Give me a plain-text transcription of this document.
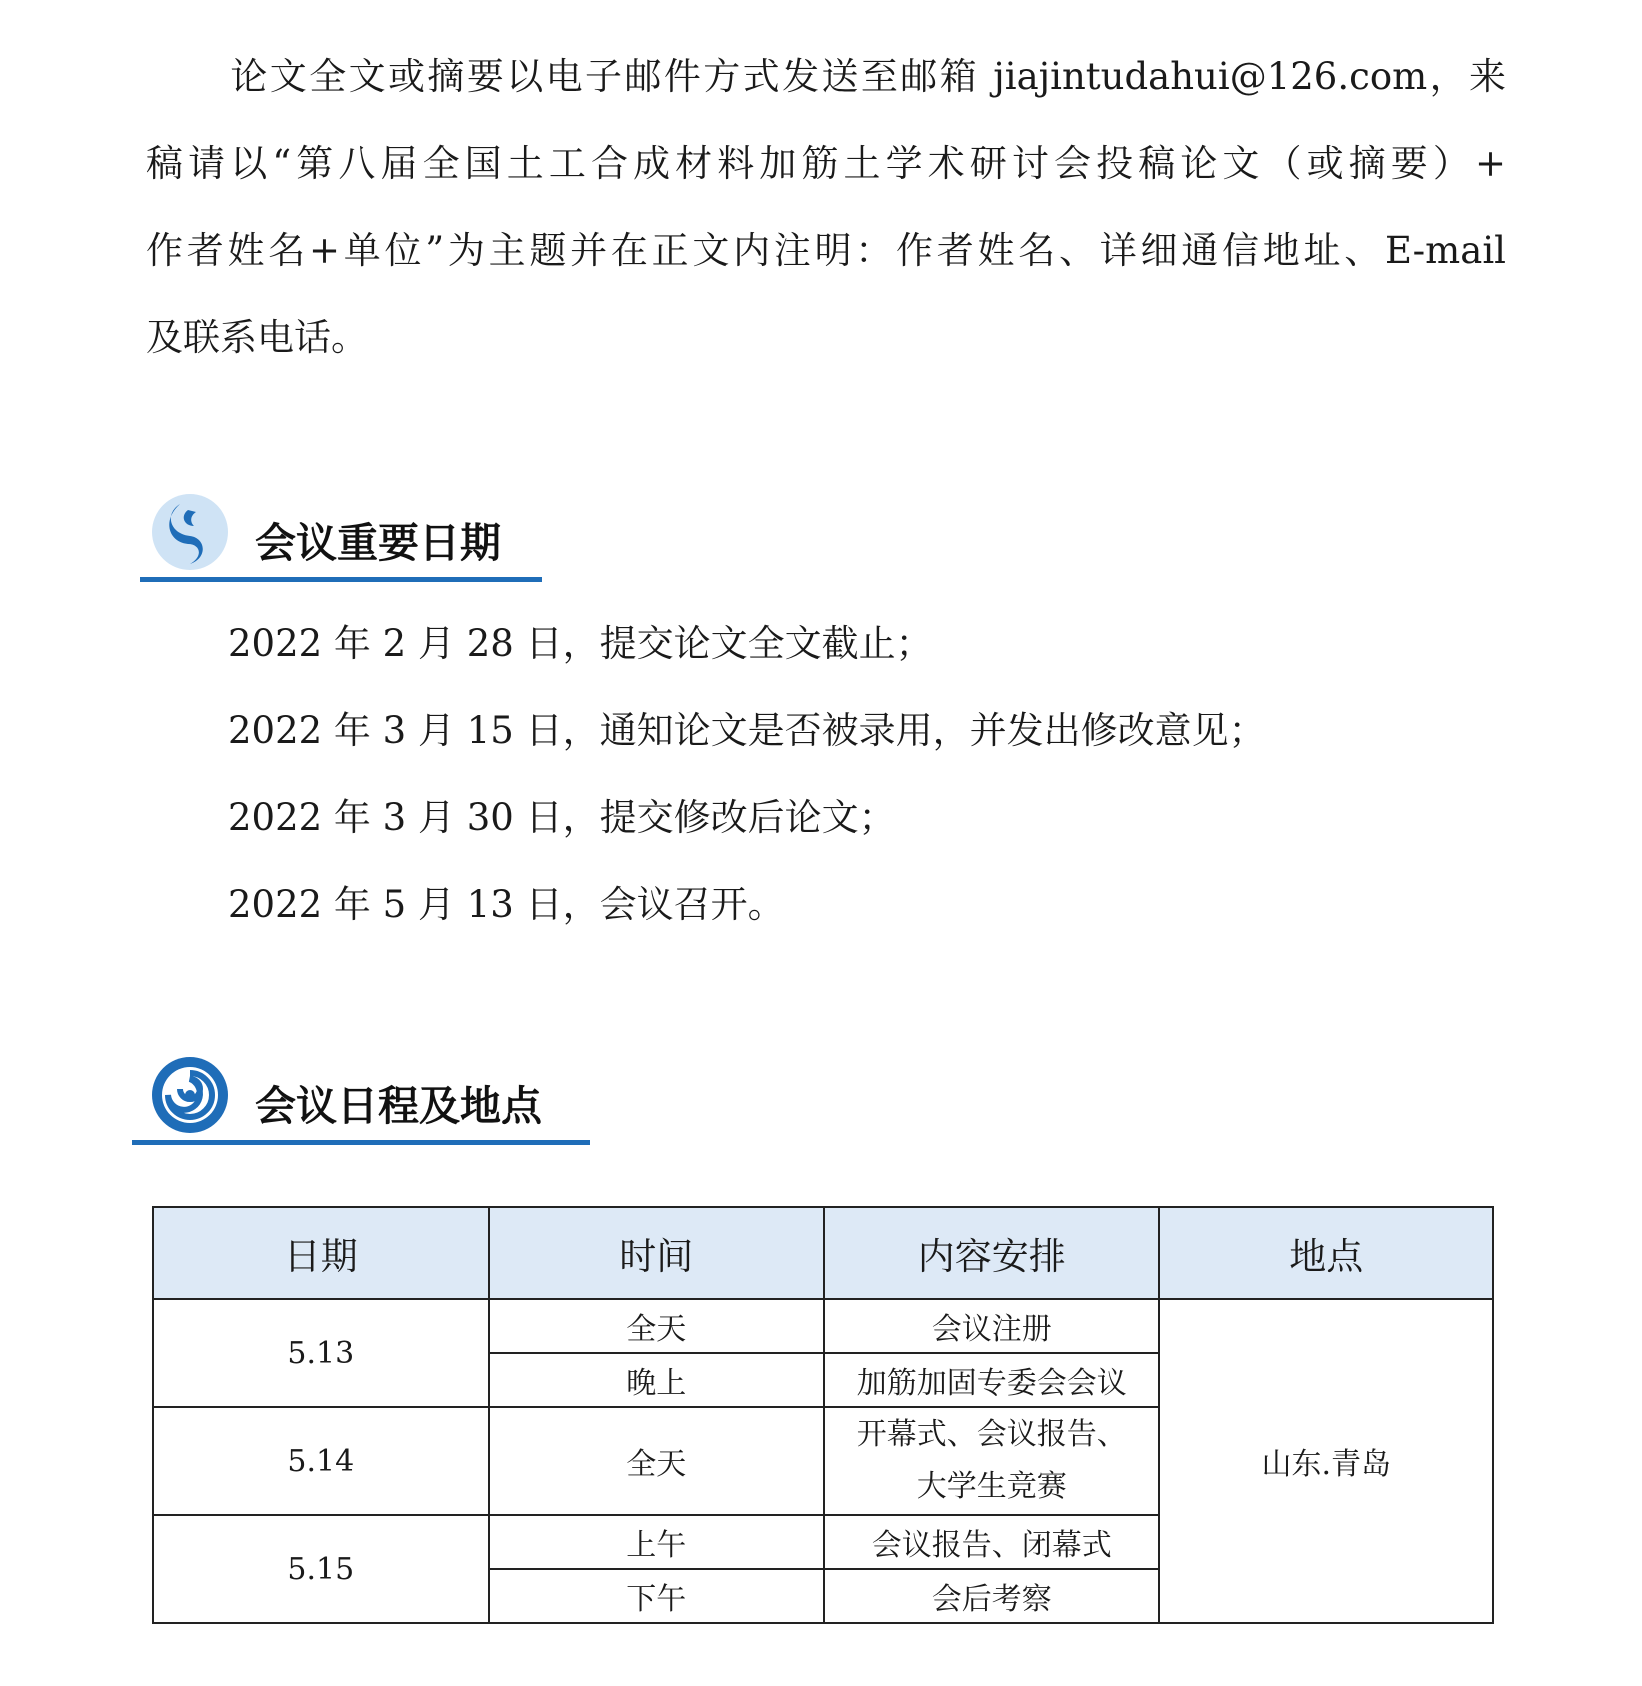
论文全文或摘要以电子邮件方式发送至邮箱 jiajintudahui@126.com，来
稿请以“第八届全国土工合成材料加筋土学术研讨会投稿论文（或摘要）+
作者姓名+单位”为主题并在正文内注明：作者姓名、详细通信地址、E-mail
及联系电话。
会议重要日期
2022 年 2 月 28 日，提交论文全文截止；
2022 年 3 月 15 日，通知论文是否被录用，并发出修改意见；
2022 年 3 月 30 日，提交修改后论文；
2022 年 5 月 13 日，会议召开。
会议日程及地点
日期	时间	内容安排	地点
5.13	全天	会议注册	山东.青岛
	晚上	加筋加固专委会会议	
5.14	全天	开幕式、会议报告、
大学生竞赛	

5.15	上午	会议报告、闭幕式	
	下午	会后考察	
